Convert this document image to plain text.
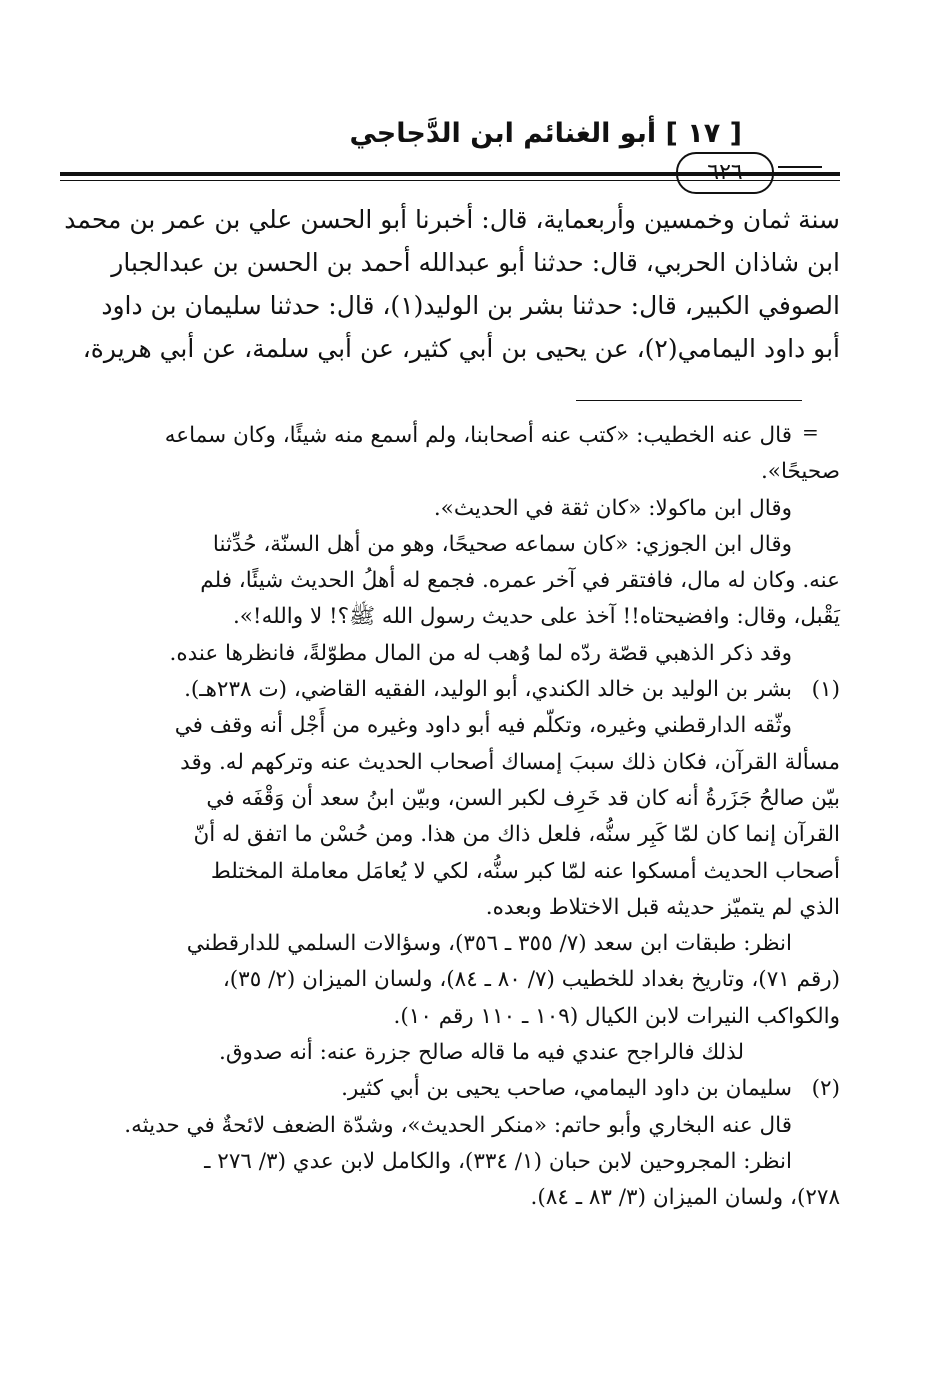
[ ١٧ ] أبو الغنائم ابن الدَّجاجي
٦٢٦

سنة ثمان وخمسين وأربعماية، قال: أخبرنا أبو الحسن علي بن عمر بن محمد

ابن شاذان الحربي، قال: حدثنا أبو عبدالله أحمد بن الحسن بن عبدالجبار

الصوفي الكبير، قال: حدثنا بشر بن الوليد(١)، قال: حدثنا سليمان بن داود

أبو داود اليمامي(٢)، عن يحيى بن أبي كثير، عن أبي سلمة، عن أبي هريرة،

=

قال عنه الخطيب: «كتب عنه أصحابنا، ولم أسمع منه شيئًا، وكان سماعه

صحيحًا».

وقال ابن ماكولا: «كان ثقة في الحديث».

وقال ابن الجوزي: «كان سماعه صحيحًا، وهو من أهل السنّة، حُدِّثنا

عنه. وكان له مال، فافتقر في آخر عمره. فجمع له أهلُ الحديث شيئًا، فلم

يَقْبل، وقال: وافضيحتاه!! آخذ على حديث رسول الله ﷺ؟! لا والله!».

وقد ذكر الذهبي قصّة ردّه لما وُهب له من المال مطوّلةً، فانظرها عنده.

(١)بشر بن الوليد بن خالد الكندي، أبو الوليد، الفقيه القاضي، (ت ٢٣٨هـ).

وثّقه الدارقطني وغيره، وتكلّم فيه أبو داود وغيره من أَجْل أنه وقف في

مسألة القرآن، فكان ذلك سببَ إمساك أصحاب الحديث عنه وتركهم له. وقد

بيّن صالحُ جَزَرةُ أنه كان قد خَرِف لكبر السن، وبيّن ابنُ سعد أن وَقْفَه في

القرآن إنما كان لمّا كَبِر سنُّه، فلعل ذاك من هذا. ومن حُسْن ما اتفق له أنّ

أصحاب الحديث أمسكوا عنه لمّا كبر سنُّه، لكي لا يُعامَل معاملة المختلط

الذي لم يتميّز حديثه قبل الاختلاط وبعده.

انظر: طبقات ابن سعد (٧/ ٣٥٥ ـ ٣٥٦)، وسؤالات السلمي للدارقطني

(رقم ٧١)، وتاريخ بغداد للخطيب (٧/ ٨٠ ـ ٨٤)، ولسان الميزان (٢/ ٣٥)،

والكواكب النيرات لابن الكيال (١٠٩ ـ ١١٠ رقم ١٠).

لذلك فالراجح عندي فيه ما قاله صالح جزرة عنه: أنه صدوق.

(٢)سليمان بن داود اليمامي، صاحب يحيى بن أبي كثير.

قال عنه البخاري وأبو حاتم: «منكر الحديث»، وشدّة الضعف لائحةٌ في حديثه.

انظر: المجروحين لابن حبان (١/ ٣٣٤)، والكامل لابن عدي (٣/ ٢٧٦ ـ

٢٧٨)، ولسان الميزان (٣/ ٨٣ ـ ٨٤).
